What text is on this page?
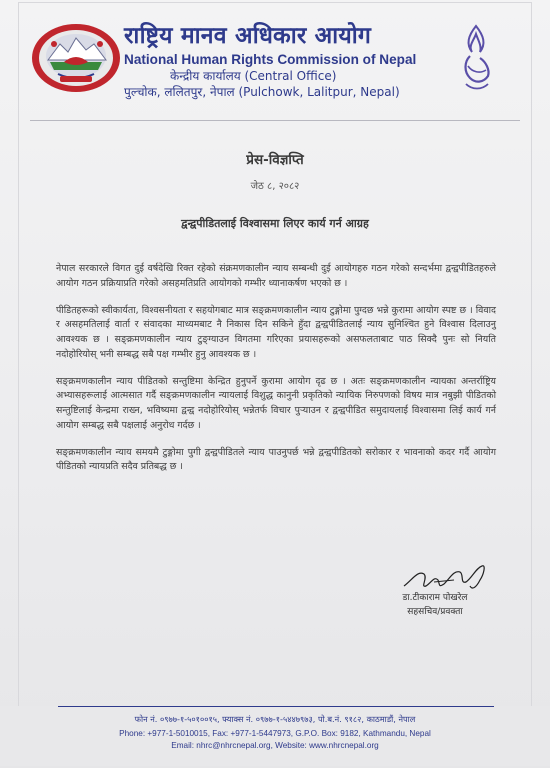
राष्ट्रिय मानव अधिकार आयोग
National Human Rights Commission of Nepal
केन्द्रीय कार्यालय (Central Office)
पुल्चोक, ललितपुर, नेपाल (Pulchowk, Lalitpur, Nepal)
प्रेस-विज्ञप्ति
जेठ ८, २०८२
द्वन्द्वपीडितलाई विश्वासमा लिएर कार्य गर्न आग्रह

नेपाल सरकारले विगत दुई वर्षदेखि रिक्त रहेको संक्रमणकालीन न्याय सम्बन्धी दुई आयोगहरु गठन गरेको सन्दर्भमा द्वन्द्वपीडितहरुले आयोग गठन प्रक्रियाप्रति गरेको असहमतिप्रति आयोगको गम्भीर ध्यानाकर्षण भएको छ ।

पीडितहरूको स्वीकार्यता, विश्वसनीयता र सहयोगबाट मात्र सङ्क्रमणकालीन न्याय टुङ्गोमा पुग्दछ भन्ने कुरामा आयोग स्पष्ट छ । विवाद र असहमतिलाई वार्ता र संवादका माध्यमबाट नै निकास दिन सकिने हुँदा द्वन्द्वपीडितलाई न्याय सुनिश्चित हुने विश्वास दिलाउनु आवश्यक छ । सङ्क्रमणकालीन न्याय टुङ्ग्याउन विगतमा गरिएका प्रयासहरूको असफलताबाट पाठ सिक्दै पुनः सो नियति नदोहोरियोस् भनी सम्बद्ध सबै पक्ष गम्भीर हुनु आवश्यक छ ।

सङ्क्रमणकालीन न्याय पीडितको सन्तुष्टिमा केन्द्रित हुनुपर्ने कुरामा आयोग दृढ छ । अतः सङ्क्रमणकालीन न्यायका अन्तर्राष्ट्रिय अभ्यासहरूलाई आत्मसात गर्दै सङ्क्रमणकालीन न्यायलाई विशुद्ध कानुनी प्रकृतिको न्यायिक निरुपणको विषय मात्र नबुझी पीडितको सन्तुष्टिलाई केन्द्रमा राख्न, भविष्यमा द्वन्द्व नदोहोरियोस् भन्नेतर्फ विचार पुर्‍याउन र द्वन्द्वपीडित समुदायलाई विश्वासमा लिई कार्य गर्न आयोग सम्बद्ध सबै पक्षलाई अनुरोध गर्दछ ।

सङ्क्रमणकालीन न्याय समयमै टुङ्गोमा पुगी द्वन्द्वपीडितले न्याय पाउनुपर्छ भन्ने द्वन्द्वपीडितको सरोकार र भावनाको कदर गर्दै आयोग पीडितको न्यायप्रति सदैव प्रतिबद्ध छ ।

डा.टीकाराम पोखरेल
सहसचिव/प्रवक्ता
फोन नं. ०९७७-१-५०१००१५, फ्याक्स नं. ०९७७-१-५४४७९७३, पो.ब.नं. ९१८२, काठमाडौं, नेपाल
Phone: +977-1-5010015, Fax: +977-1-5447973, G.P.O. Box: 9182, Kathmandu, Nepal
Email: nhrc@nhrcnepal.org, Website: www.nhrcnepal.org
